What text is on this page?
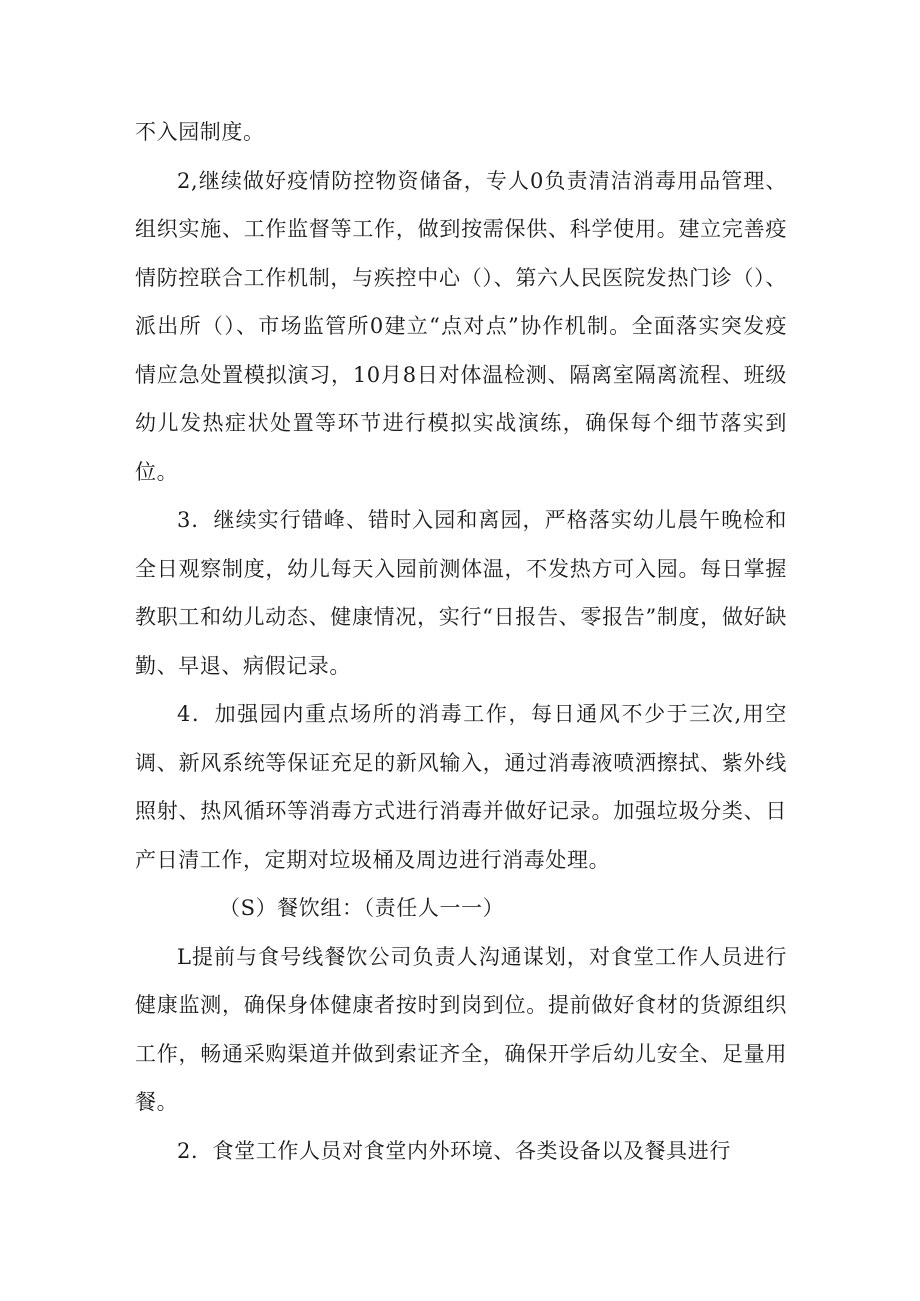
不入园制度。

2,继续做好疫情防控物资储备，专人0负责清洁消毒用品管理、组织实施、工作监督等工作，做到按需保供、科学使用。建立完善疫情防控联合工作机制，与疾控中心（）、第六人民医院发热门诊（）、派出所（）、市场监管所0建立“点对点”协作机制。全面落实突发疫情应急处置模拟演习，10月8日对体温检测、隔离室隔离流程、班级幼儿发热症状处置等环节进行模拟实战演练，确保每个细节落实到位。

3．继续实行错峰、错时入园和离园，严格落实幼儿晨午晚检和全日观察制度，幼儿每天入园前测体温，不发热方可入园。每日掌握教职工和幼儿动态、健康情况，实行“日报告、零报告”制度，做好缺勤、早退、病假记录。

4．加强园内重点场所的消毒工作，每日通风不少于三次,用空调、新风系统等保证充足的新风输入，通过消毒液喷洒擦拭、紫外线照射、热风循环等消毒方式进行消毒并做好记录。加强垃圾分类、日产日清工作，定期对垃圾桶及周边进行消毒处理。

（S）餐饮组：（责任人一一）

L提前与食号线餐饮公司负责人沟通谋划，对食堂工作人员进行健康监测，确保身体健康者按时到岗到位。提前做好食材的货源组织工作，畅通采购渠道并做到索证齐全，确保开学后幼儿安全、足量用餐。

2．食堂工作人员对食堂内外环境、各类设备以及餐具进行
